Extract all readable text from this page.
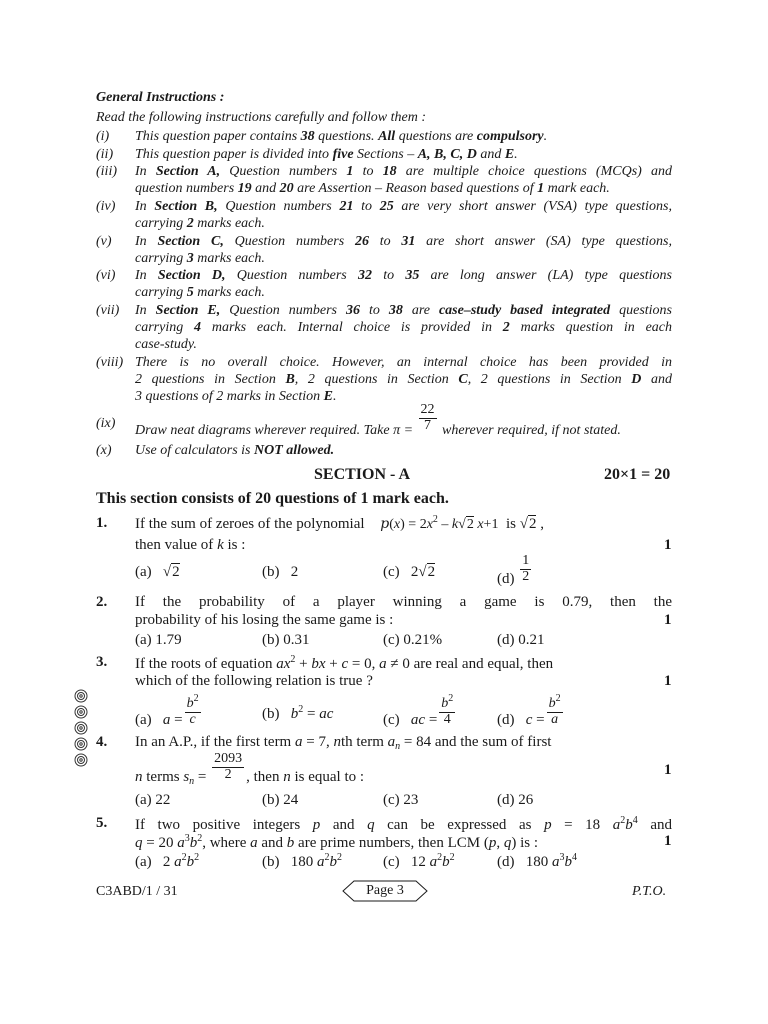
General Instructions :
Read the following instructions carefully and follow them :
(i) This question paper contains 38 questions. All questions are compulsory.
(ii) This question paper is divided into five Sections – A, B, C, D and E.
(iii) In Section A, Question numbers 1 to 18 are multiple choice questions (MCQs) and
question numbers 19 and 20 are Assertion – Reason based questions of 1 mark each.
(iv) In Section B, Question numbers 21 to 25 are very short answer (VSA) type questions,
carrying 2 marks each.
(v) In Section C, Question numbers 26 to 31 are short answer (SA) type questions,
carrying 3 marks each.
(vi) In Section D, Question numbers 32 to 35 are long answer (LA) type questions
carrying 5 marks each.
(vii) In Section E, Question numbers 36 to 38 are case–study based integrated questions
carrying 4 marks each. Internal choice is provided in 2 marks question in each
case-study.
(viii) There is no overall choice. However, an internal choice has been provided in
2 questions in Section B, 2 questions in Section C, 2 questions in Section D and
3 questions of 2 marks in Section E.
(ix) Draw neat diagrams wherever required. Take $\pi = \frac{22}{7}$ wherever required, if not stated.
(x) Use of calculators is NOT allowed.
SECTION - A	20×1 = 20
This section consists of 20 questions of 1 mark each.
1. If the sum of zeroes of the polynomial $p(x) = 2x^2 - k√2$ x+1  is √2 ,
then value of k is :	1
(a)   √2	(b)   2	(c)   2√2	$(d) \frac{1}{2}$
2. If the probability of a player winning a game is 0.79, then the
probability of his losing the same game is :	1
(a) 1.79	(b) 0.31	(c) 0.21%	(d) 0.21
3. If the roots of equation $ax^2$ + bx + c = 0, a ≠ 0 are real and equal, then
which of the following relation is true ?	1
(a)   $a = \frac{b^2}{c}$	(b)   $b^2$ = ac	(c)   ac = $\frac{b^2}{4}$	(d)   $c = \frac{b^2}{a}$
4. In an A.P., if the first term a = 7, nth term $a_n = 84$ and the sum of first
n terms $s_n = \frac{2093}{2}$ , then n is equal to :	1
(a) 22	(b) 24	(c) 23	(d) 26
5. If two positive integers p and q can be expressed as p = 18 $a^2b^4$ and
q = 20 $a^3b^2$, where a and b are prime numbers, then LCM (p, q) is :	1
(a)   2 $a^2b^2$	(b)   180 $a^2b^2$	(c)   12 $a^2b^2$	(d)   180 $a^3b^4$
C3ABD/1 / 31	Page 3	P.T.O.
